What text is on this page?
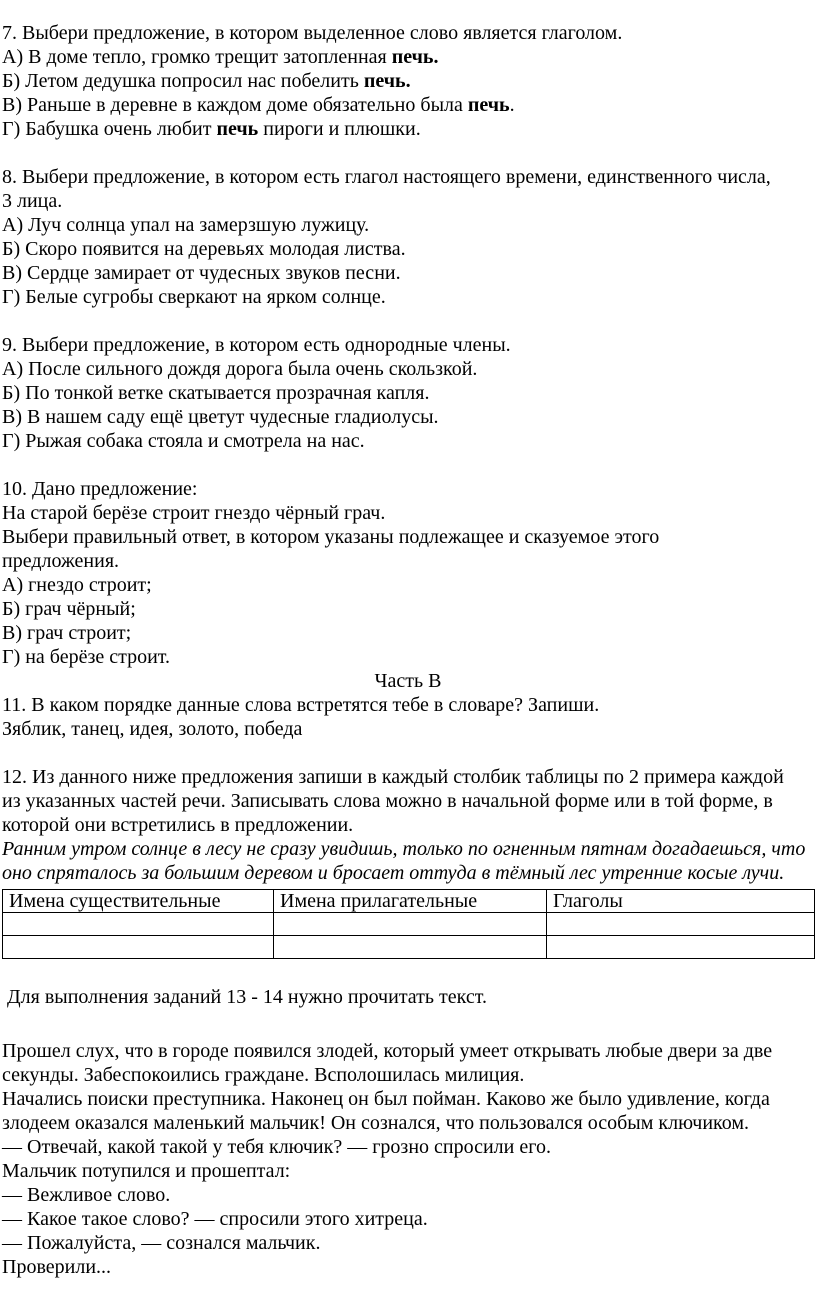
7. Выбери предложение, в котором выделенное слово является глаголом.
А) В доме тепло, громко трещит затопленная печь.
Б) Летом дедушка попросил нас побелить печь.
В) Раньше в деревне в каждом доме обязательно была печь.
Г) Бабушка очень любит печь пироги и плюшки.
8. Выбери предложение, в котором есть глагол настоящего времени, единственного числа, 3 лица.
А) Луч солнца упал на замерзшую лужицу.
Б) Скоро появится на деревьях молодая листва.
В) Сердце замирает от чудесных звуков песни.
Г) Белые сугробы сверкают на ярком солнце.
9. Выбери предложение, в котором есть однородные члены.
А) После сильного дождя дорога была очень скользкой.
Б) По тонкой ветке скатывается прозрачная капля.
В) В нашем саду ещё цветут чудесные гладиолусы.
Г) Рыжая собака стояла и смотрела на нас.
10. Дано предложение:
На старой берёзе строит гнездо чёрный грач.
Выбери правильный ответ, в котором указаны подлежащее и сказуемое этого предложения.
А) гнездо строит;
Б) грач чёрный;
В) грач строит;
Г) на берёзе строит.
Часть В
11. В каком порядке данные слова встретятся тебе в словаре? Запиши.
Зяблик, танец, идея, золото, победа
12. Из данного ниже предложения запиши в каждый столбик таблицы по 2 примера каждой из указанных частей речи. Записывать слова можно в начальной форме или в той форме, в которой они встретились в предложении.
Ранним утром солнце в лесу не сразу увидишь, только по огненным пятнам догадаешься, что оно спряталось за большим деревом и бросает оттуда в тёмный лес утренние косые лучи.
Имена существительные	Имена прилагательные	Глаголы

Для выполнения заданий 13 - 14 нужно прочитать текст.
Прошел слух, что в городе появился злодей, который умеет открывать любые двери за две секунды. Забеспокоились граждане. Всполошилась милиция.
Начались поиски преступника. Наконец он был пойман. Каково же было удивление, когда злодеем оказался маленький мальчик! Он сознался, что пользовался особым ключиком.
— Отвечай, какой такой у тебя ключик? — грозно спросили его.
Мальчик потупился и прошептал:
— Вежливое слово.
— Какое такое слово? — спросили этого хитреца.
— Пожалуйста, — сознался мальчик.
Проверили...
